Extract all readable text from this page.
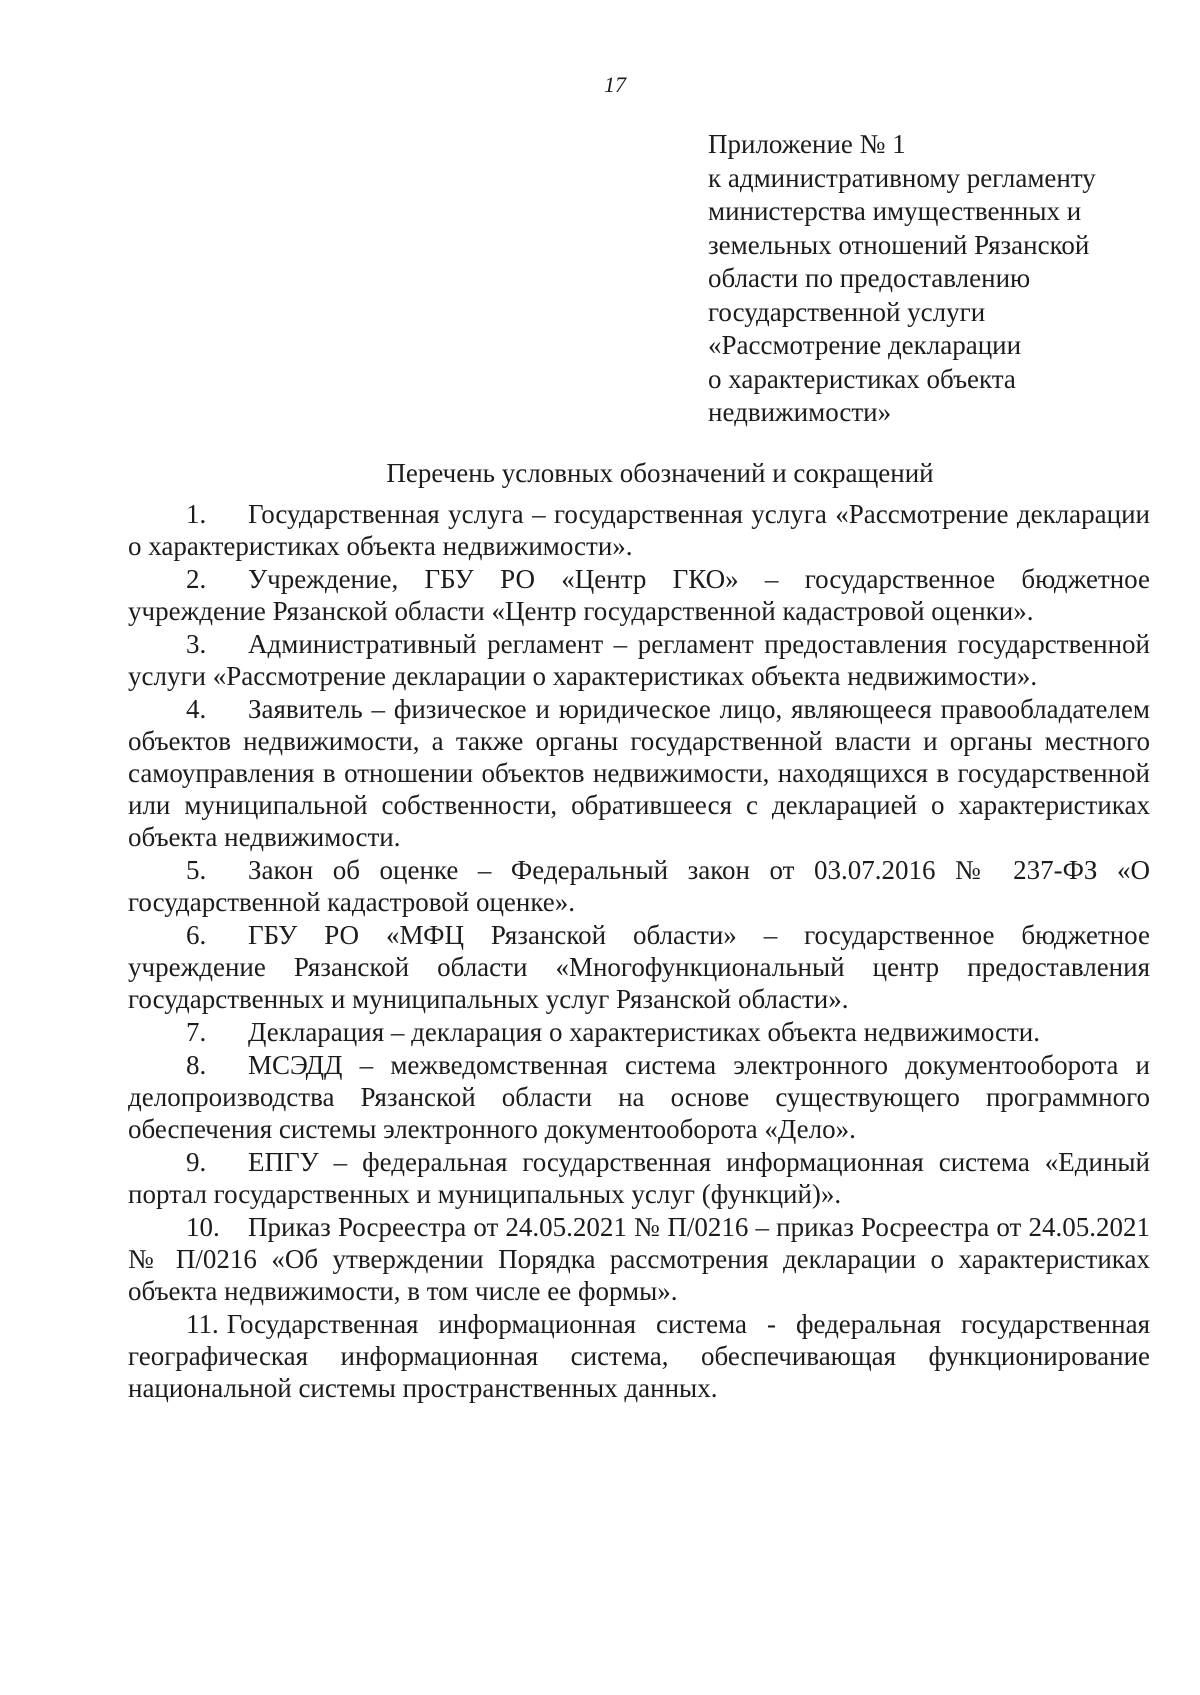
17
Приложение № 1
к административному регламенту
министерства имущественных и
земельных отношений Рязанской
области по предоставлению
государственной услуги
«Рассмотрение декларации
о характеристиках объекта
недвижимости»
Перечень условных обозначений и сокращений
1. Государственная услуга – государственная услуга «Рассмотрение декларации о характеристиках объекта недвижимости».
2. Учреждение, ГБУ РО «Центр ГКО» – государственное бюджетное учреждение Рязанской области «Центр государственной кадастровой оценки».
3. Административный регламент – регламент предоставления государственной услуги «Рассмотрение декларации о характеристиках объекта недвижимости».
4. Заявитель – физическое и юридическое лицо, являющееся правообладателем объектов недвижимости, а также органы государственной власти и органы местного самоуправления в отношении объектов недвижимости, находящихся в государственной или муниципальной собственности, обратившееся с декларацией о характеристиках объекта недвижимости.
5. Закон об оценке – Федеральный закон от 03.07.2016 № 237-ФЗ «О государственной кадастровой оценке».
6. ГБУ РО «МФЦ Рязанской области» – государственное бюджетное учреждение Рязанской области «Многофункциональный центр предоставления государственных и муниципальных услуг Рязанской области».
7. Декларация – декларация о характеристиках объекта недвижимости.
8. МСЭДД – межведомственная система электронного документооборота и делопроизводства Рязанской области на основе существующего программного обеспечения системы электронного документооборота «Дело».
9. ЕПГУ – федеральная государственная информационная система «Единый портал государственных и муниципальных услуг (функций)».
10. Приказ Росреестра от 24.05.2021 № П/0216 – приказ Росреестра от 24.05.2021 № П/0216 «Об утверждении Порядка рассмотрения декларации о характеристиках объекта недвижимости, в том числе ее формы».
11. Государственная информационная система - федеральная государственная географическая информационная система, обеспечивающая функционирование национальной системы пространственных данных.
